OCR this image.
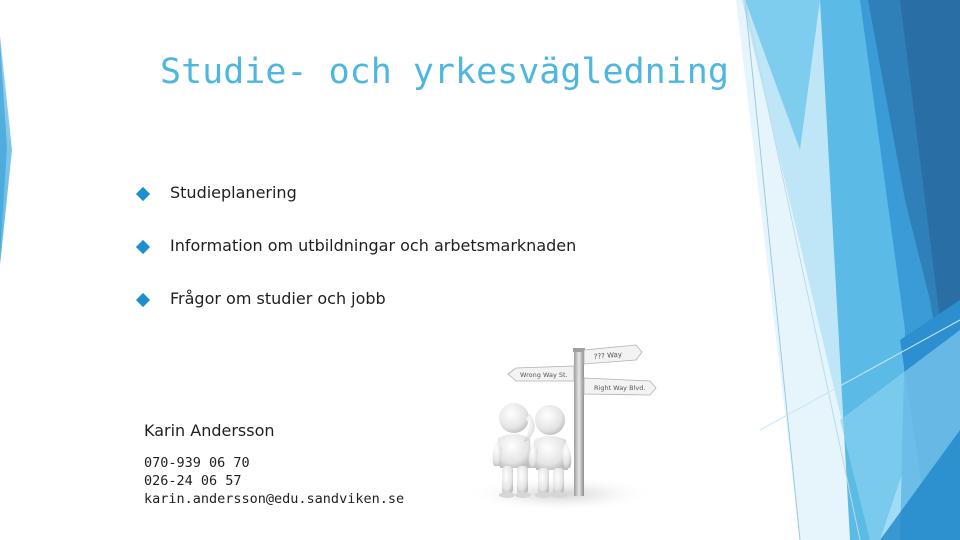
Studie- och yrkesvägledning
Studieplanering
Information om utbildningar och arbetsmarknaden
Frågor om studier och jobb
Karin Andersson
070-939 06 70
026-24 06 57
karin.andersson@edu.sandviken.se
??? Way
Wrong Way St.
Right Way Blvd.
